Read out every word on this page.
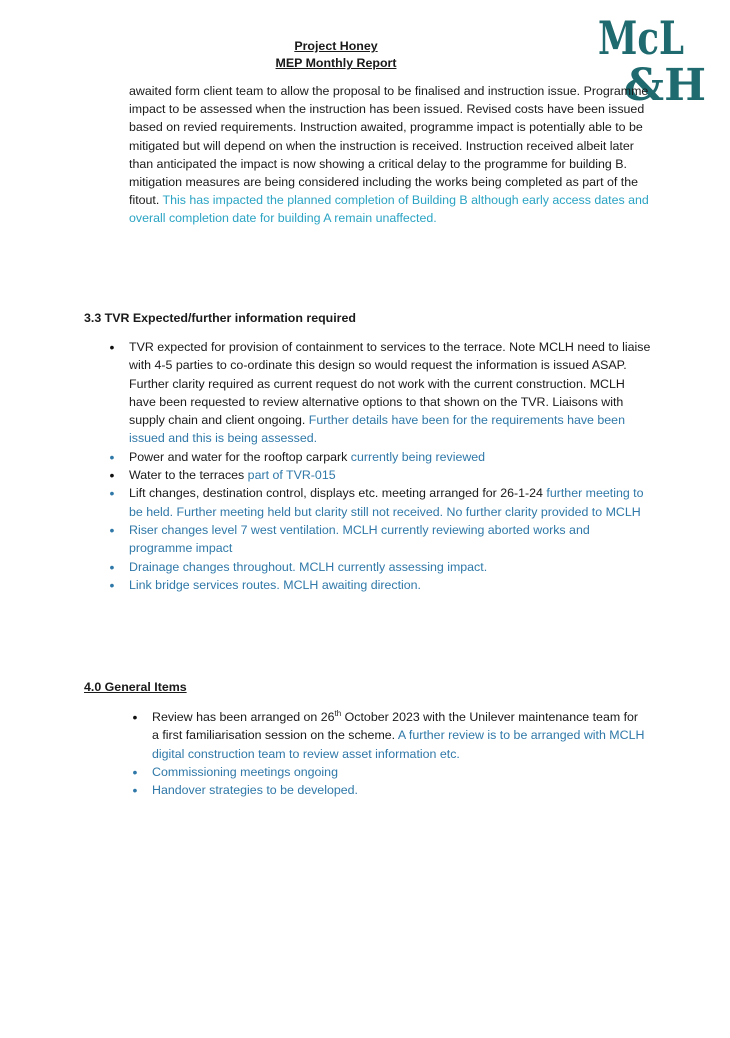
Project Honey
MEP Monthly Report	McL
&H

awaited form client team to allow the proposal to be finalised and instruction issue. Programme impact to be assessed when the instruction has been issued. Revised costs have been issued based on revied requirements. Instruction awaited, programme impact is potentially able to be mitigated but will depend on when the instruction is received. Instruction received albeit later than anticipated the impact is now showing a critical delay to the programme for building B. mitigation measures are being considered including the works being completed as part of the fitout. This has impacted the planned completion of Building B although early access dates and overall completion date for building A remain unaffected.

3.3 TVR Expected/further information required
• TVR expected for provision of containment to services to the terrace. Note MCLH need to liaise with 4-5 parties to co-ordinate this design so would request the information is issued ASAP. Further clarity required as current request do not work with the current construction. MCLH have been requested to review alternative options to that shown on the TVR. Liaisons with supply chain and client ongoing. Further details have been for the requirements have been issued and this is being assessed.
• Power and water for the rooftop carpark currently being reviewed
• Water to the terraces part of TVR-015
• Lift changes, destination control, displays etc. meeting arranged for 26-1-24 further meeting to be held. Further meeting held but clarity still not received. No further clarity provided to MCLH
• Riser changes level 7 west ventilation. MCLH currently reviewing aborted works and programme impact
• Drainage changes throughout. MCLH currently assessing impact.
• Link bridge services routes. MCLH awaiting direction.
4.0 General Items
• Review has been arranged on 26th October 2023 with the Unilever maintenance team for a first familiarisation session on the scheme. A further review is to be arranged with MCLH digital construction team to review asset information etc.
• Commissioning meetings ongoing
• Handover strategies to be developed.
